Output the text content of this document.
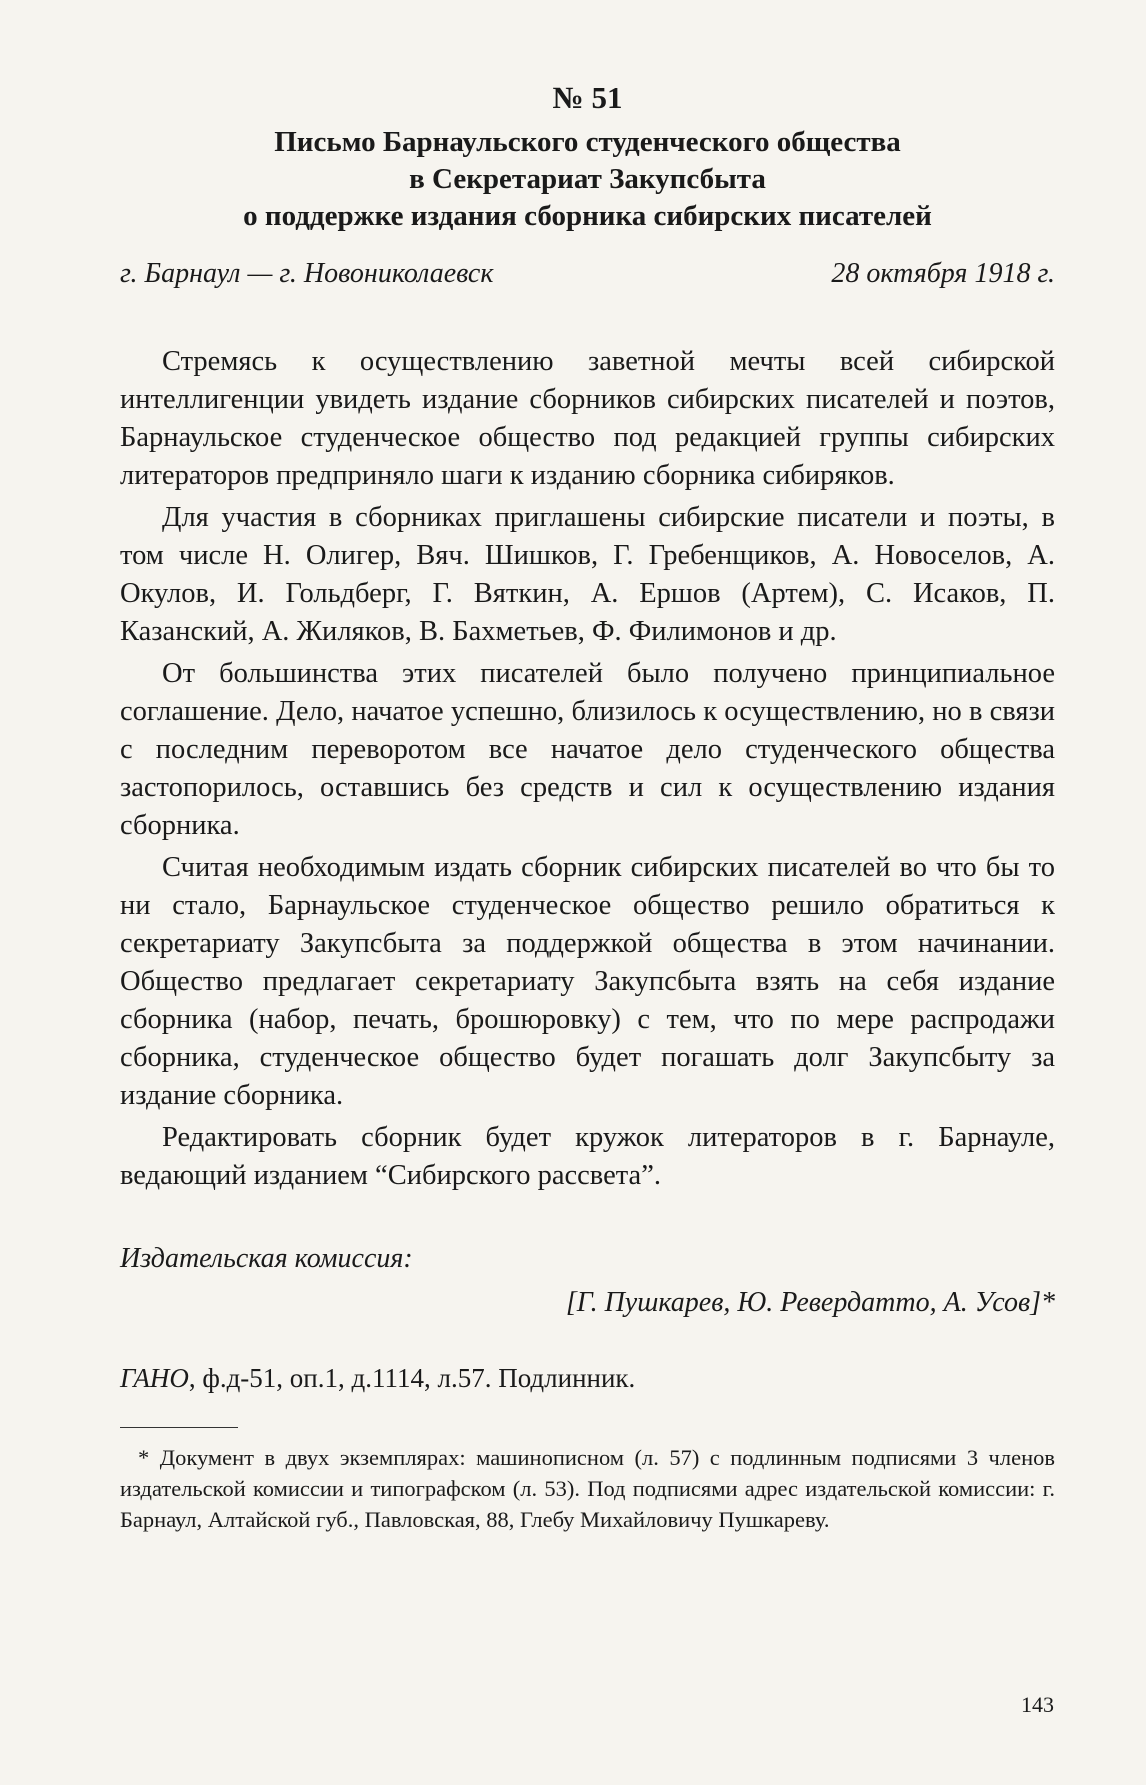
№ 51
Письмо Барнаульского студенческого общества
в Секретариат Закупсбыта
о поддержке издания сборника сибирских писателей
г. Барнаул — г. Новониколаевск	28 октября 1918 г.

Стремясь к осуществлению заветной мечты всей сибирской интеллигенции увидеть издание сборников сибирских писателей и поэтов, Барнаульское студенческое общество под редакцией группы сибирских литераторов предприняло шаги к изданию сборника сибиряков.

Для участия в сборниках приглашены сибирские писатели и поэты, в том числе Н. Олигер, Вяч. Шишков, Г. Гребенщиков, А. Новоселов, А. Окулов, И. Гольдберг, Г. Вяткин, А. Ершов (Артем), С. Исаков, П. Казанский, А. Жиляков, В. Бахметьев, Ф. Филимонов и др.

От большинства этих писателей было получено принципиальное соглашение. Дело, начатое успешно, близилось к осуществлению, но в связи с последним переворотом все начатое дело студенческого общества застопорилось, оставшись без средств и сил к осуществлению издания сборника.

Считая необходимым издать сборник сибирских писателей во что бы то ни стало, Барнаульское студенческое общество решило обратиться к секретариату Закупсбыта за поддержкой общества в этом начинании. Общество предлагает секретариату Закупсбыта взять на себя издание сборника (набор, печать, брошюровку) с тем, что по мере распродажи сборника, студенческое общество будет погашать долг Закупсбыту за издание сборника.

Редактировать сборник будет кружок литераторов в г. Барнауле, ведающий изданием “Сибирского рассвета”.

Издательская комиссия:
[Г. Пушкарев, Ю. Ревердатто, А. Усов]*
ГАНО, ф.д-51, оп.1, д.1114, л.57. Подлинник.
* Документ в двух экземплярах: машинописном (л. 57) с подлинным подписями 3 членов издательской комиссии и типографском (л. 53). Под подписями адрес издательской комиссии: г. Барнаул, Алтайской губ., Павловская, 88, Глебу Михайловичу Пушкареву.
143
